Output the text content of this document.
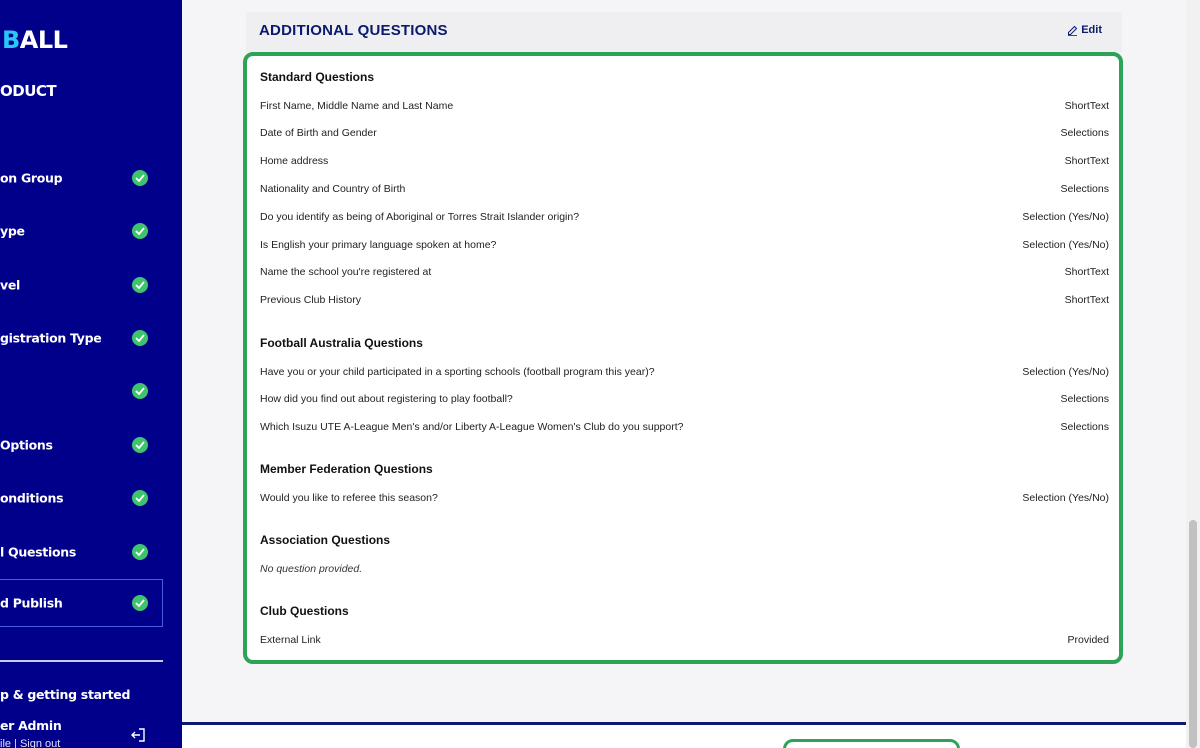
BALL
ODUCT
on Group
ype
vel
gistration Type
Options
onditions
l Questions
d Publish
p & getting started
er Admin
ile | Sign out
ADDITIONAL QUESTIONS	Edit
Standard Questions
First Name, Middle Name and Last Name	ShortText
Date of Birth and Gender	Selections
Home address	ShortText
Nationality and Country of Birth	Selections
Do you identify as being of Aboriginal or Torres Strait Islander origin?	Selection (Yes/No)
Is English your primary language spoken at home?	Selection (Yes/No)
Name the school you're registered at	ShortText
Previous Club History	ShortText
Football Australia Questions
Have you or your child participated in a sporting schools (football program this year)?	Selection (Yes/No)
How did you find out about registering to play football?	Selections
Which Isuzu UTE A-League Men's and/or Liberty A-League Women's Club do you support?	Selections
Member Federation Questions
Would you like to referee this season?	Selection (Yes/No)
Association Questions
No question provided.
Club Questions
External Link	Provided
